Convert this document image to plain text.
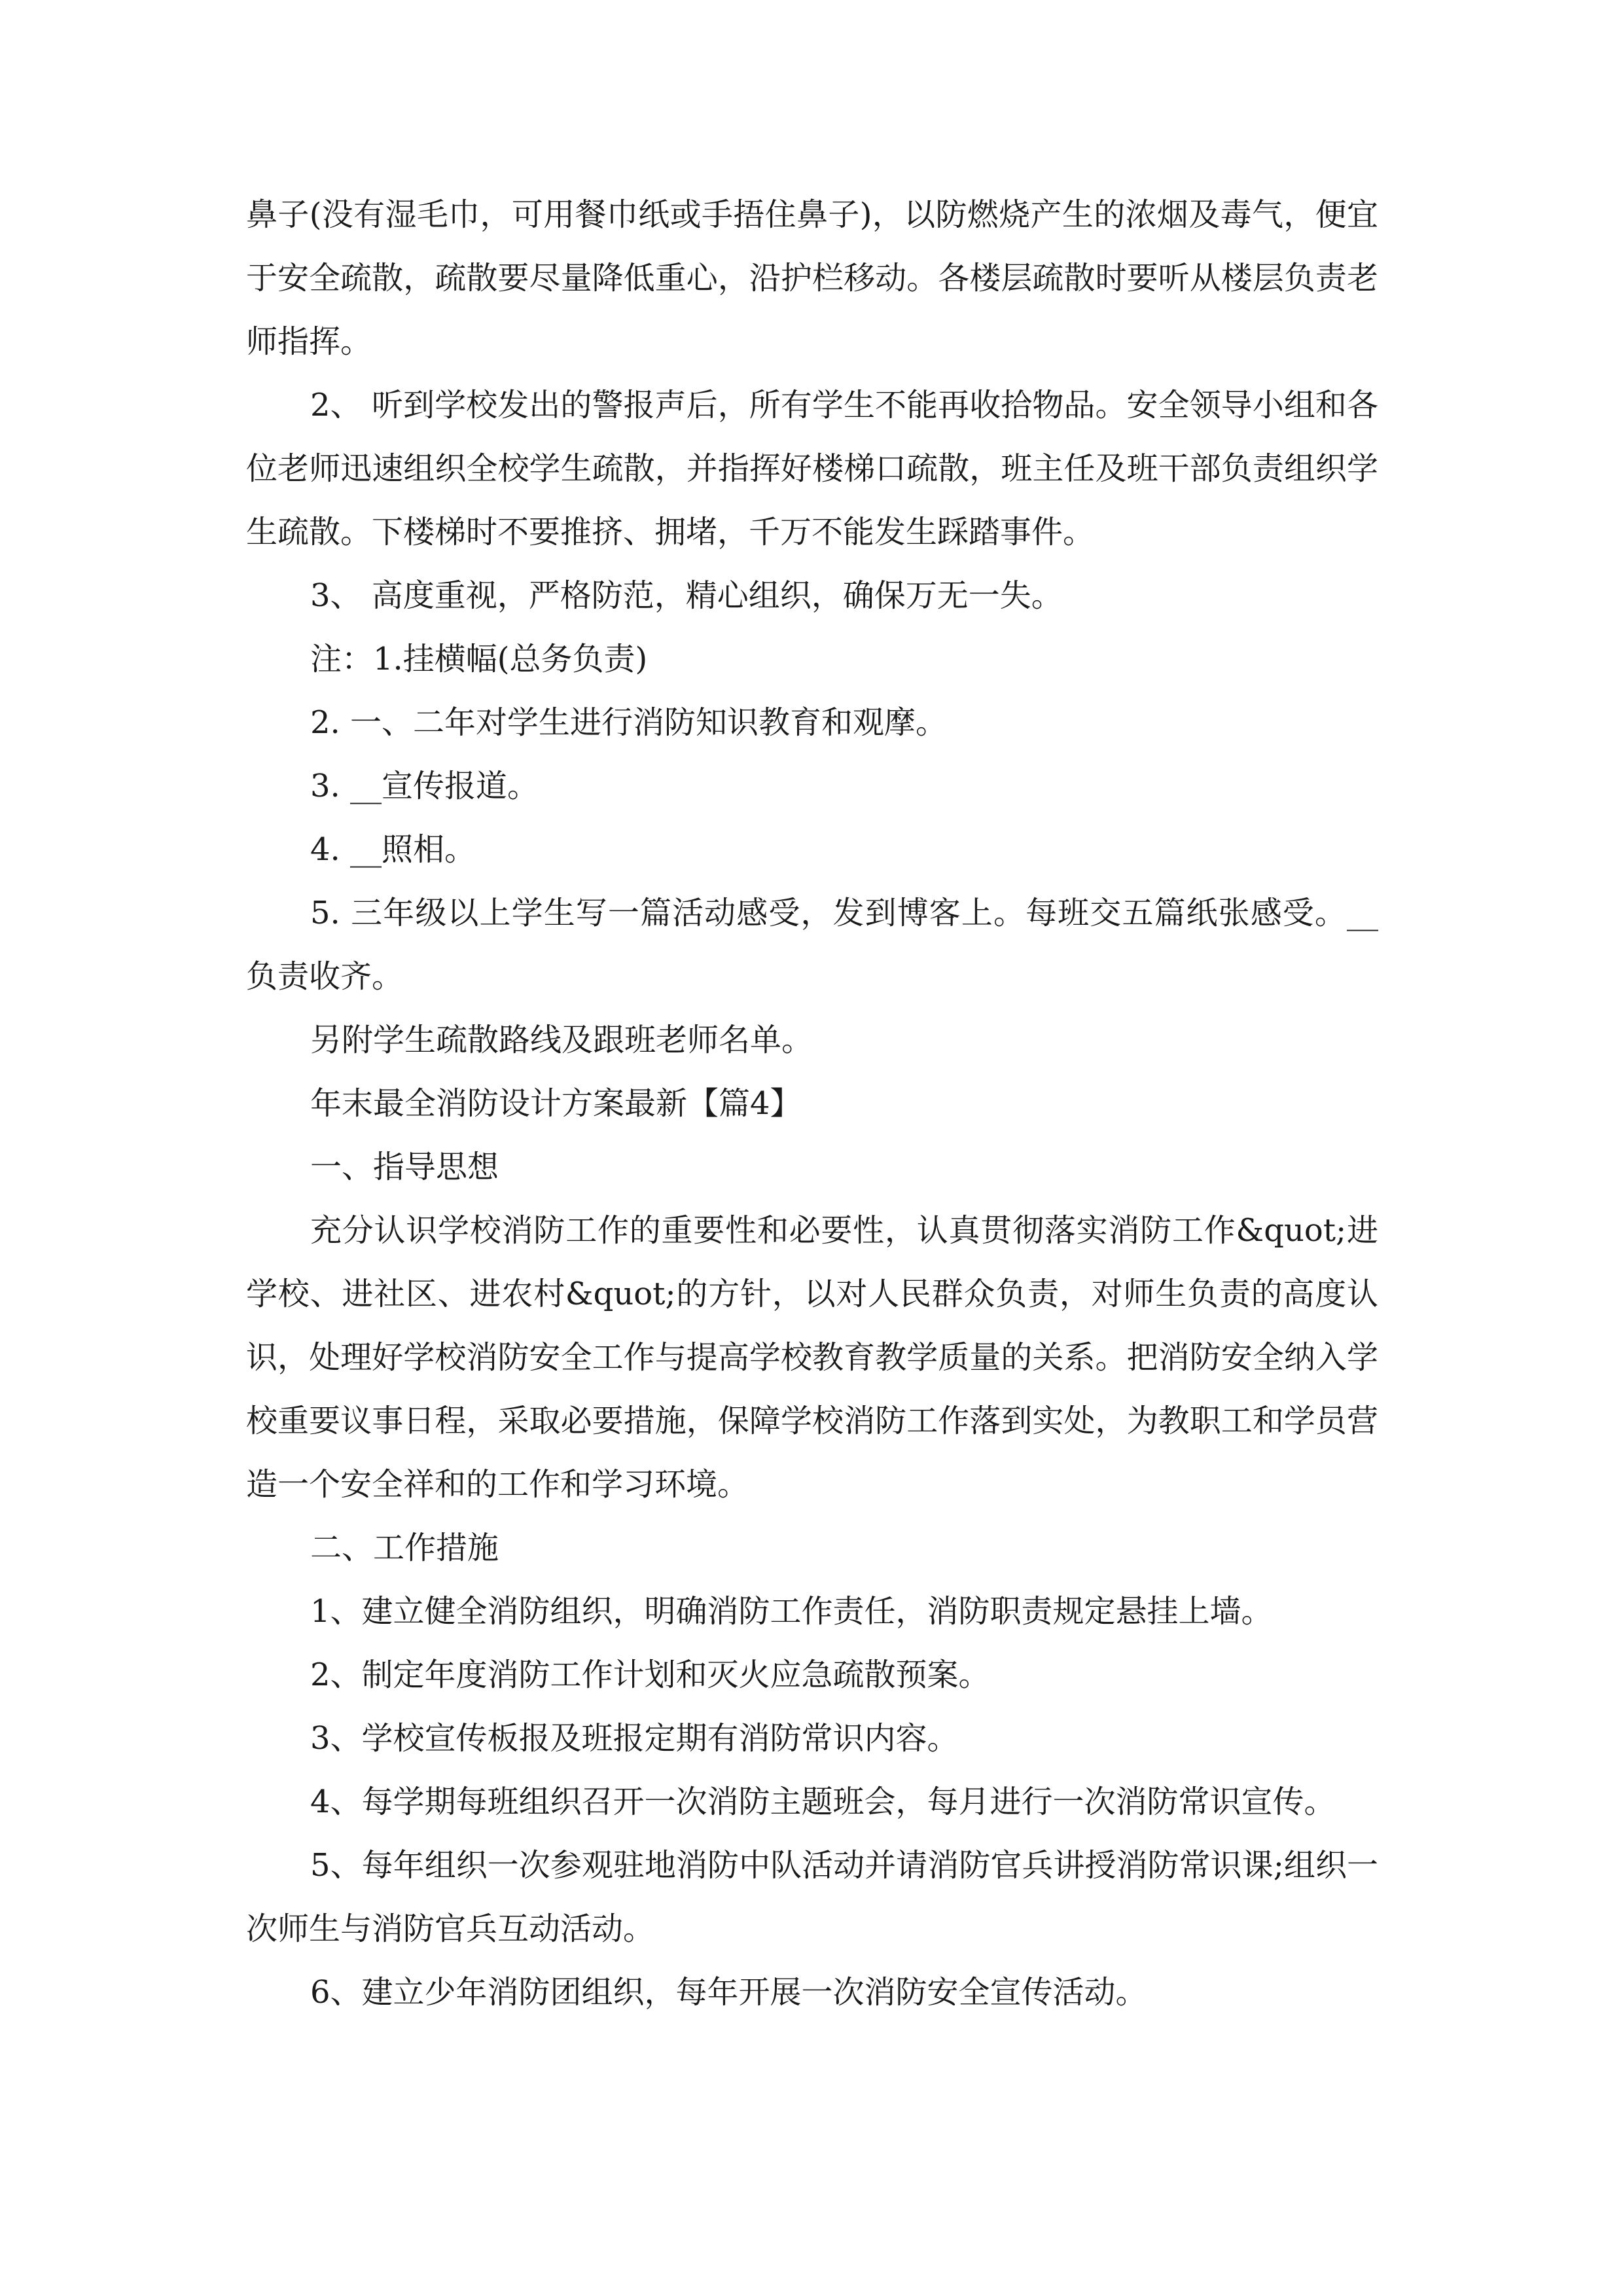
鼻子(没有湿毛巾，可用餐巾纸或手捂住鼻子)，以防燃烧产生的浓烟及毒气，便宜于安全疏散，疏散要尽量降低重心，沿护栏移动。各楼层疏散时要听从楼层负责老师指挥。

2、 听到学校发出的警报声后，所有学生不能再收拾物品。安全领导小组和各位老师迅速组织全校学生疏散，并指挥好楼梯口疏散，班主任及班干部负责组织学生疏散。下楼梯时不要推挤、拥堵，千万不能发生踩踏事件。

3、 高度重视，严格防范，精心组织，确保万无一失。

注：1.挂横幅(总务负责)

2. 一、二年对学生进行消防知识教育和观摩。

3. __宣传报道。

4. __照相。

5. 三年级以上学生写一篇活动感受，发到博客上。每班交五篇纸张感受。__负责收齐。

另附学生疏散路线及跟班老师名单。

年末最全消防设计方案最新【篇4】

一、指导思想

充分认识学校消防工作的重要性和必要性，认真贯彻落实消防工作&quot;进学校、进社区、进农村&quot;的方针，以对人民群众负责，对师生负责的高度认识，处理好学校消防安全工作与提高学校教育教学质量的关系。把消防安全纳入学校重要议事日程，采取必要措施，保障学校消防工作落到实处，为教职工和学员营造一个安全祥和的工作和学习环境。

二、工作措施

1、建立健全消防组织，明确消防工作责任，消防职责规定悬挂上墙。

2、制定年度消防工作计划和灭火应急疏散预案。

3、学校宣传板报及班报定期有消防常识内容。

4、每学期每班组织召开一次消防主题班会，每月进行一次消防常识宣传。

5、每年组织一次参观驻地消防中队活动并请消防官兵讲授消防常识课;组织一次师生与消防官兵互动活动。

6、建立少年消防团组织，每年开展一次消防安全宣传活动。
